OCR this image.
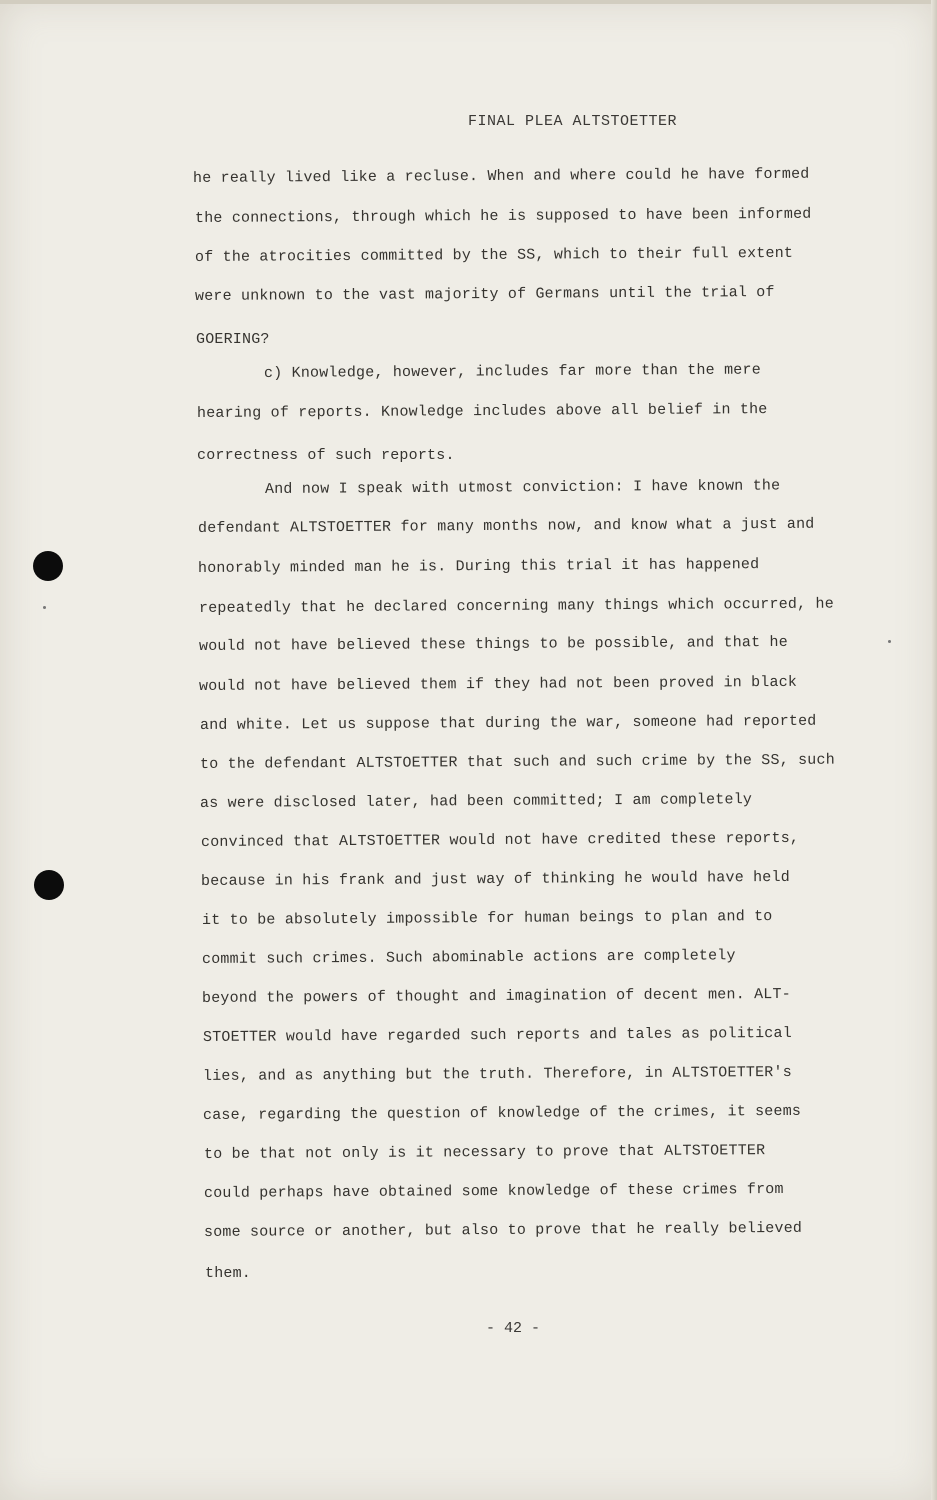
FINAL PLEA ALTSTOETTER
he really lived like a recluse. When and where could he have formed
the connections, through which he is supposed to have been informed
of the atrocities committed by the SS, which to their full extent
were unknown to the vast majority of Germans until the trial of
GOERING?
c) Knowledge, however, includes far more than the mere
hearing of reports. Knowledge includes above all belief in the
correctness of such reports.
And now I speak with utmost conviction: I have known the
defendant ALTSTOETTER for many months now, and know what a just and
honorably minded man he is. During this trial it has happened
repeatedly that he declared concerning many things which occurred, he
would not have believed these things to be possible, and that he
would not have believed them if they had not been proved in black
and white. Let us suppose that during the war, someone had reported
to the defendant ALTSTOETTER that such and such crime by the SS, such
as were disclosed later, had been committed; I am completely
convinced that ALTSTOETTER would not have credited these reports,
because in his frank and just way of thinking he would have held
it to be absolutely impossible for human beings to plan and to
commit such crimes. Such abominable actions are completely
beyond the powers of thought and imagination of decent men. ALT-
STOETTER would have regarded such reports and tales as political
lies, and as anything but the truth. Therefore, in ALTSTOETTER's
case, regarding the question of knowledge of the crimes, it seems
to be that not only is it necessary to prove that ALTSTOETTER
could perhaps have obtained some knowledge of these crimes from
some source or another, but also to prove that he really believed
them.
- 42 -
